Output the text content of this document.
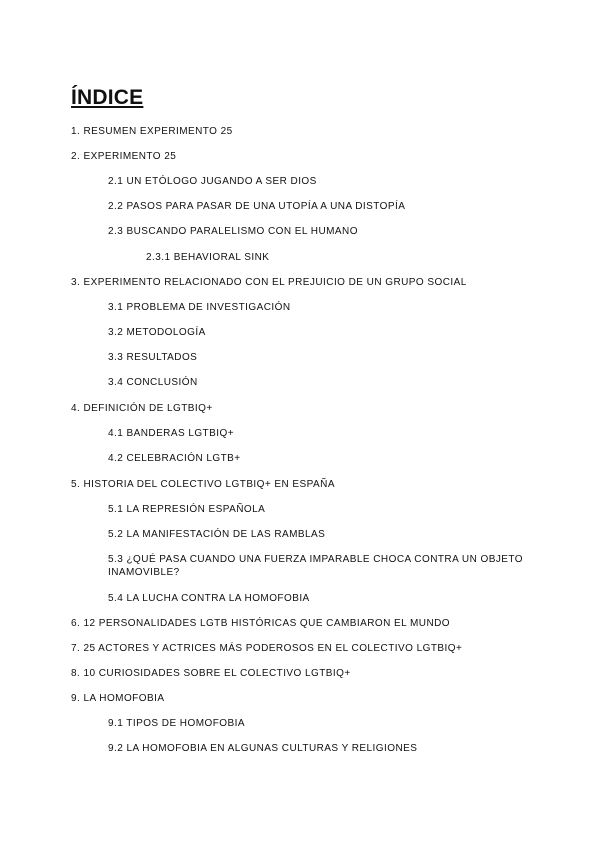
ÍNDICE
1. RESUMEN EXPERIMENTO 25
2. EXPERIMENTO 25
2.1 UN ETÓLOGO JUGANDO A SER DIOS
2.2 PASOS PARA PASAR DE UNA UTOPÍA A UNA DISTOPÍA
2.3 BUSCANDO PARALELISMO CON EL HUMANO
2.3.1 BEHAVIORAL SINK
3. EXPERIMENTO RELACIONADO CON EL PREJUICIO DE UN GRUPO SOCIAL
3.1 PROBLEMA DE INVESTIGACIÓN
3.2 METODOLOGÍA
3.3 RESULTADOS
3.4 CONCLUSIÓN
4. DEFINICIÓN DE LGTBIQ+
4.1 BANDERAS LGTBIQ+
4.2 CELEBRACIÓN LGTB+
5. HISTORIA DEL COLECTIVO LGTBIQ+ EN ESPAÑA
5.1 LA REPRESIÓN ESPAÑOLA
5.2 LA MANIFESTACIÓN DE LAS RAMBLAS
5.3 ¿QUÉ PASA CUANDO UNA FUERZA IMPARABLE CHOCA CONTRA UN OBJETO INAMOVIBLE?
5.4 LA LUCHA CONTRA LA HOMOFOBIA
6. 12 PERSONALIDADES LGTB HISTÓRICAS QUE CAMBIARON EL MUNDO
7. 25 ACTORES Y ACTRICES MÁS PODEROSOS EN EL COLECTIVO LGTBIQ+
8. 10 CURIOSIDADES SOBRE EL COLECTIVO LGTBIQ+
9. LA HOMOFOBIA
9.1 TIPOS DE HOMOFOBIA
9.2 LA HOMOFOBIA EN ALGUNAS CULTURAS Y RELIGIONES
